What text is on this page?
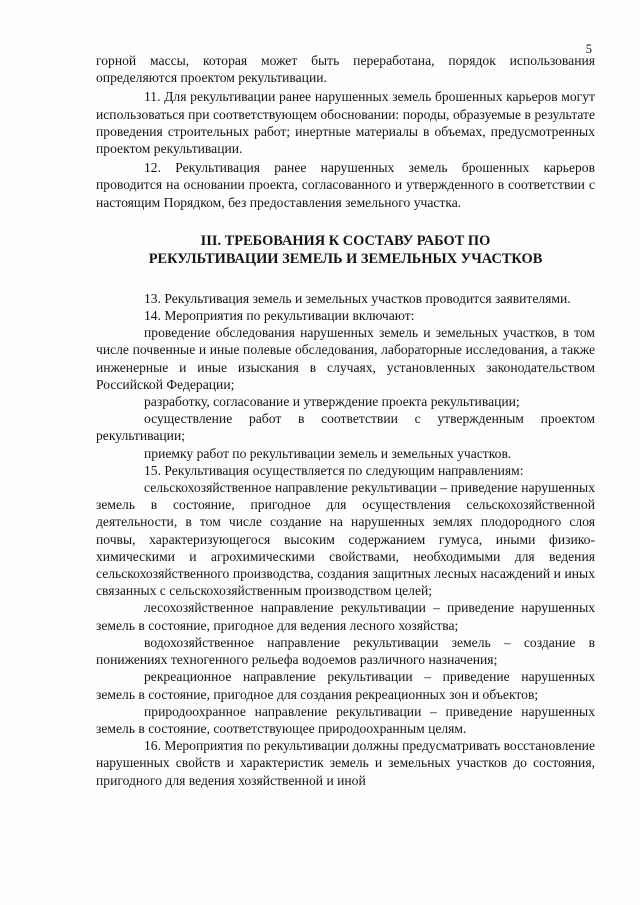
5

горной массы, которая может быть переработана, порядок использования определяются проектом рекультивации.

11. Для рекультивации ранее нарушенных земель брошенных карьеров могут использоваться при соответствующем обосновании: породы, образуемые в результате проведения строительных работ; инертные материалы в объемах, предусмотренных проектом рекультивации.

12. Рекультивация ранее нарушенных земель брошенных карьеров проводится на основании проекта, согласованного и утвержденного в соответствии с настоящим Порядком, без предоставления земельного участка.

III. ТРЕБОВАНИЯ К СОСТАВУ РАБОТ ПО
РЕКУЛЬТИВАЦИИ ЗЕМЕЛЬ И ЗЕМЕЛЬНЫХ УЧАСТКОВ

13. Рекультивация земель и земельных участков проводится заявителями.

14. Мероприятия по рекультивации включают:

проведение обследования нарушенных земель и земельных участков, в том числе почвенные и иные полевые обследования, лабораторные исследования, а также инженерные и иные изыскания в случаях, установленных законодательством Российской Федерации;

разработку, согласование и утверждение проекта рекультивации;

осуществление работ в соответствии с утвержденным проектом рекультивации;

приемку работ по рекультивации земель и земельных участков.

15. Рекультивация осуществляется по следующим направлениям:

сельскохозяйственное направление рекультивации – приведение нарушенных земель в состояние, пригодное для осуществления сельскохозяйственной деятельности, в том числе создание на нарушенных землях плодородного слоя почвы, характеризующегося высоким содержанием гумуса, иными физико-химическими и агрохимическими свойствами, необходимыми для ведения сельскохозяйственного производства, создания защитных лесных насаждений и иных связанных с сельскохозяйственным производством целей;

лесохозяйственное направление рекультивации – приведение нарушенных земель в состояние, пригодное для ведения лесного хозяйства;

водохозяйственное направление рекультивации земель – создание в понижениях техногенного рельефа водоемов различного назначения;

рекреационное направление рекультивации – приведение нарушенных земель в состояние, пригодное для создания рекреационных зон и объектов;

природоохранное направление рекультивации – приведение нарушенных земель в состояние, соответствующее природоохранным целям.

16. Мероприятия по рекультивации должны предусматривать восстановление нарушенных свойств и характеристик земель и земельных участков до состояния, пригодного для ведения хозяйственной и иной
